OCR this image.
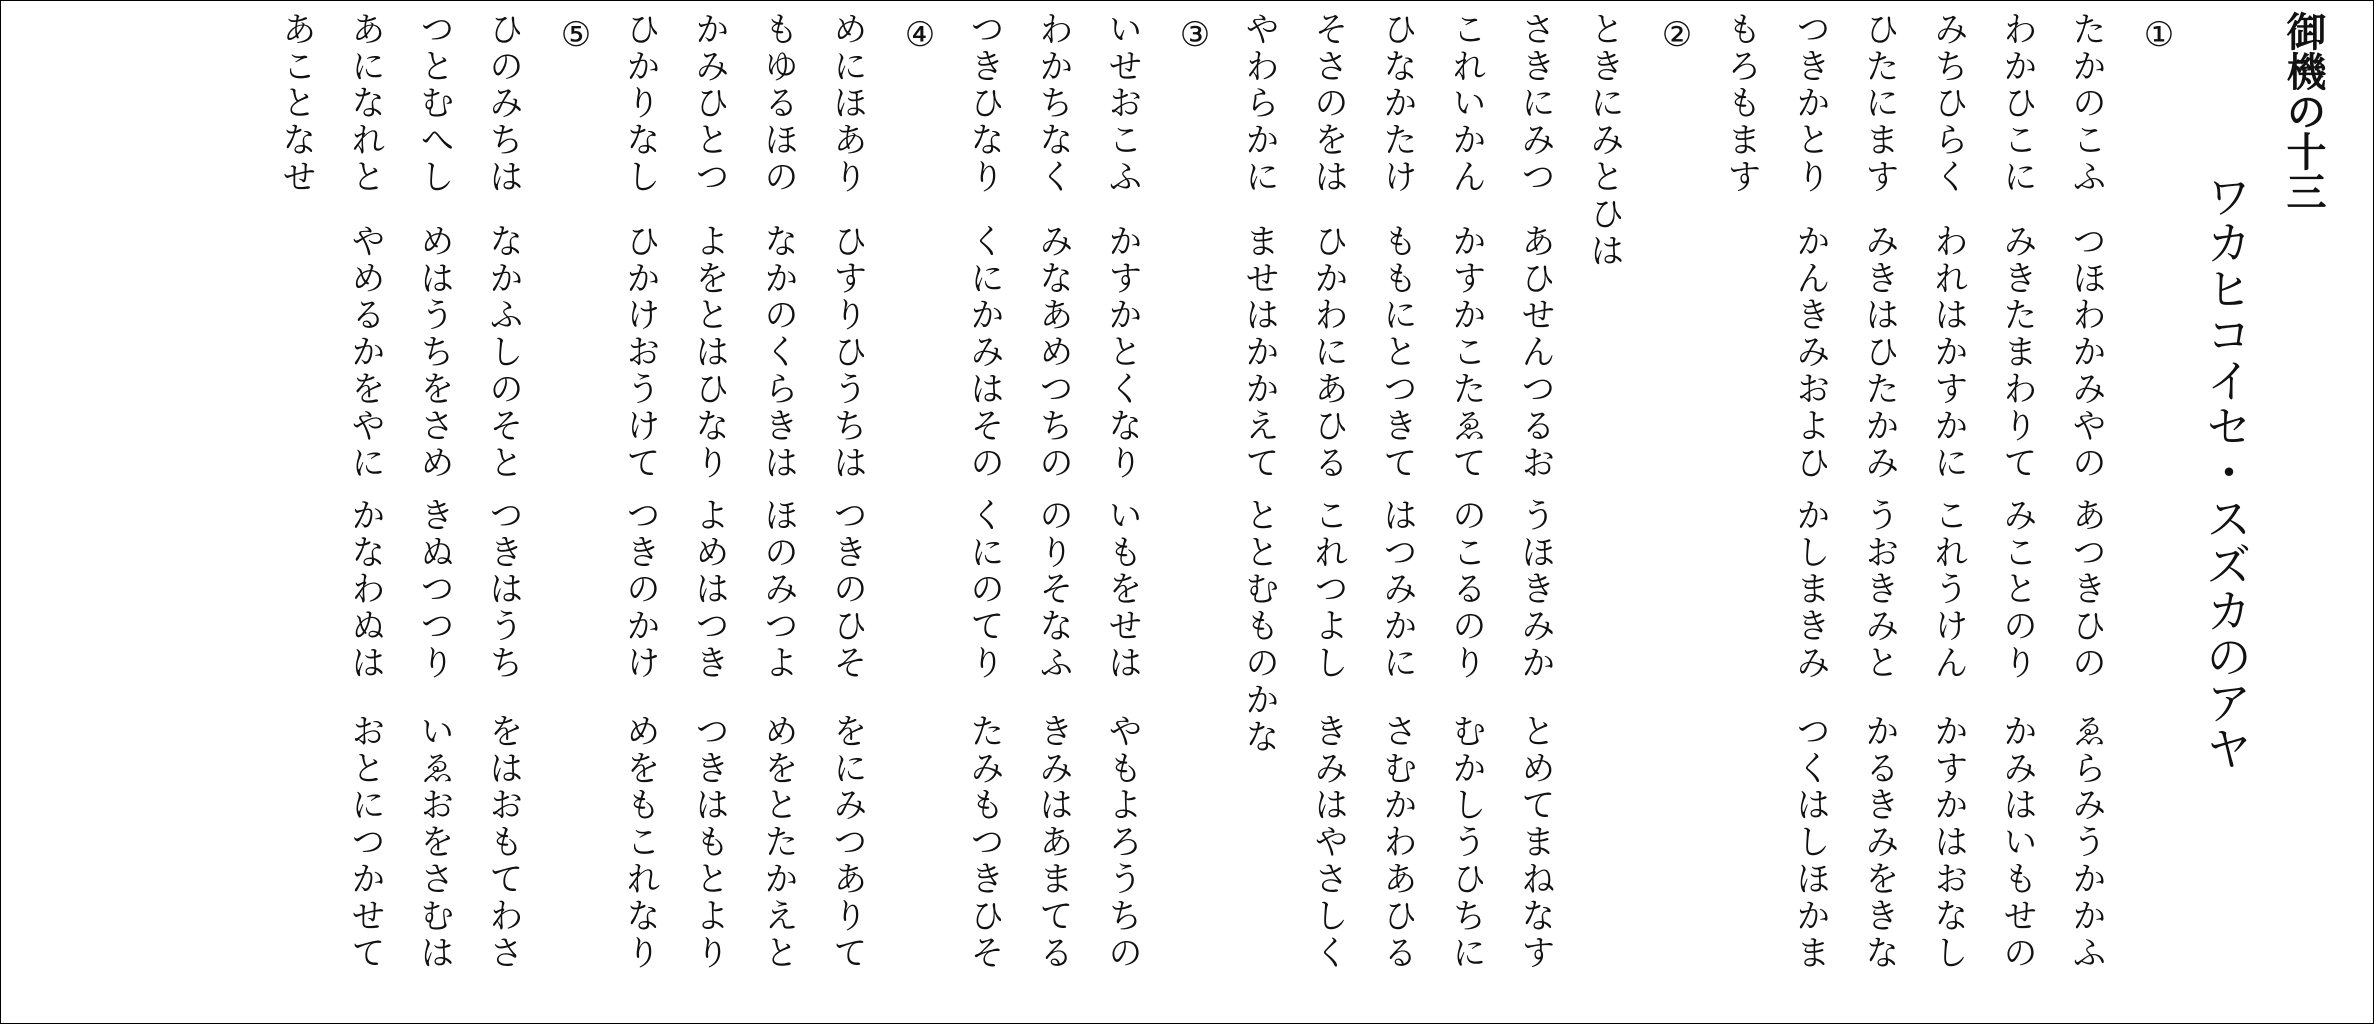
御機の十三
ワカヒコイセ・スズカのアヤ
①
たかのこふ
つほわかみやの
あつきひの
ゑらみうかかふ
わかひこに
みきたまわりて
みことのり
かみはいもせの
みちひらく
われはかすかに
これうけん
かすかはおなし
ひたにます
みきはひたかみ
うおきみと
かるきみをきな
つきかとり
かんきみおよひ
かしまきみ
つくはしほかま
もろもます
②
ときにみとひは
さきにみつ
あひせんつるお
うほきみか
とめてまねなす
これいかん
かすかこたゑて
のこるのり
むかしうひちに
ひなかたけ
ももにとつきて
はつみかに
さむかわあひる
そさのをは
ひかわにあひる
これつよし
きみはやさしく
やわらかに
ませはかかえて
ととむものかな
③
いせおこふ
かすかとくなり
いもをせは
やもよろうちの
わかちなく
みなあめつちの
のりそなふ
きみはあまてる
つきひなり
くにかみはその
くにのてり
たみもつきひそ
④
めにほあり
ひすりひうちは
つきのひそ
をにみつありて
もゆるほの
なかのくらきは
ほのみつよ
めをとたかえと
かみひとつ
よをとはひなり
よめはつき
つきはもとより
ひかりなし
ひかけおうけて
つきのかけ
めをもこれなり
⑤
ひのみちは
なかふしのそと
つきはうち
をはおもてわさ
つとむへし
めはうちをさめ
きぬつつり
いゑおをさむは
あになれと
やめるかをやに
かなわぬは
おとにつかせて
あことなせ
